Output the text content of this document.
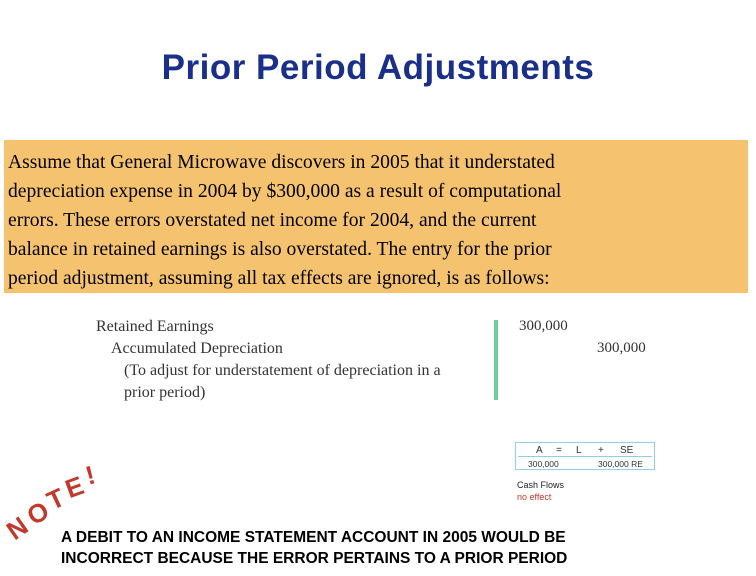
Prior Period Adjustments
Assume that General Microwave discovers in 2005 that it understated
depreciation expense in 2004 by $300,000 as a result of computational
errors. These errors overstated net income for 2004, and the current
balance in retained earnings is also overstated. The entry for the prior
period adjustment, assuming all tax effects are ignored, is as follows:
Retained Earnings
Accumulated Depreciation
(To adjust for understatement of depreciation in a
prior period)
300,000
300,000
A = L + SE
300,000	300,000 RE
Cash Flows
no effect
N
O
T
E
!
A DEBIT TO AN INCOME STATEMENT ACCOUNT IN 2005 WOULD BE
INCORRECT BECAUSE THE ERROR PERTAINS TO A PRIOR PERIOD
